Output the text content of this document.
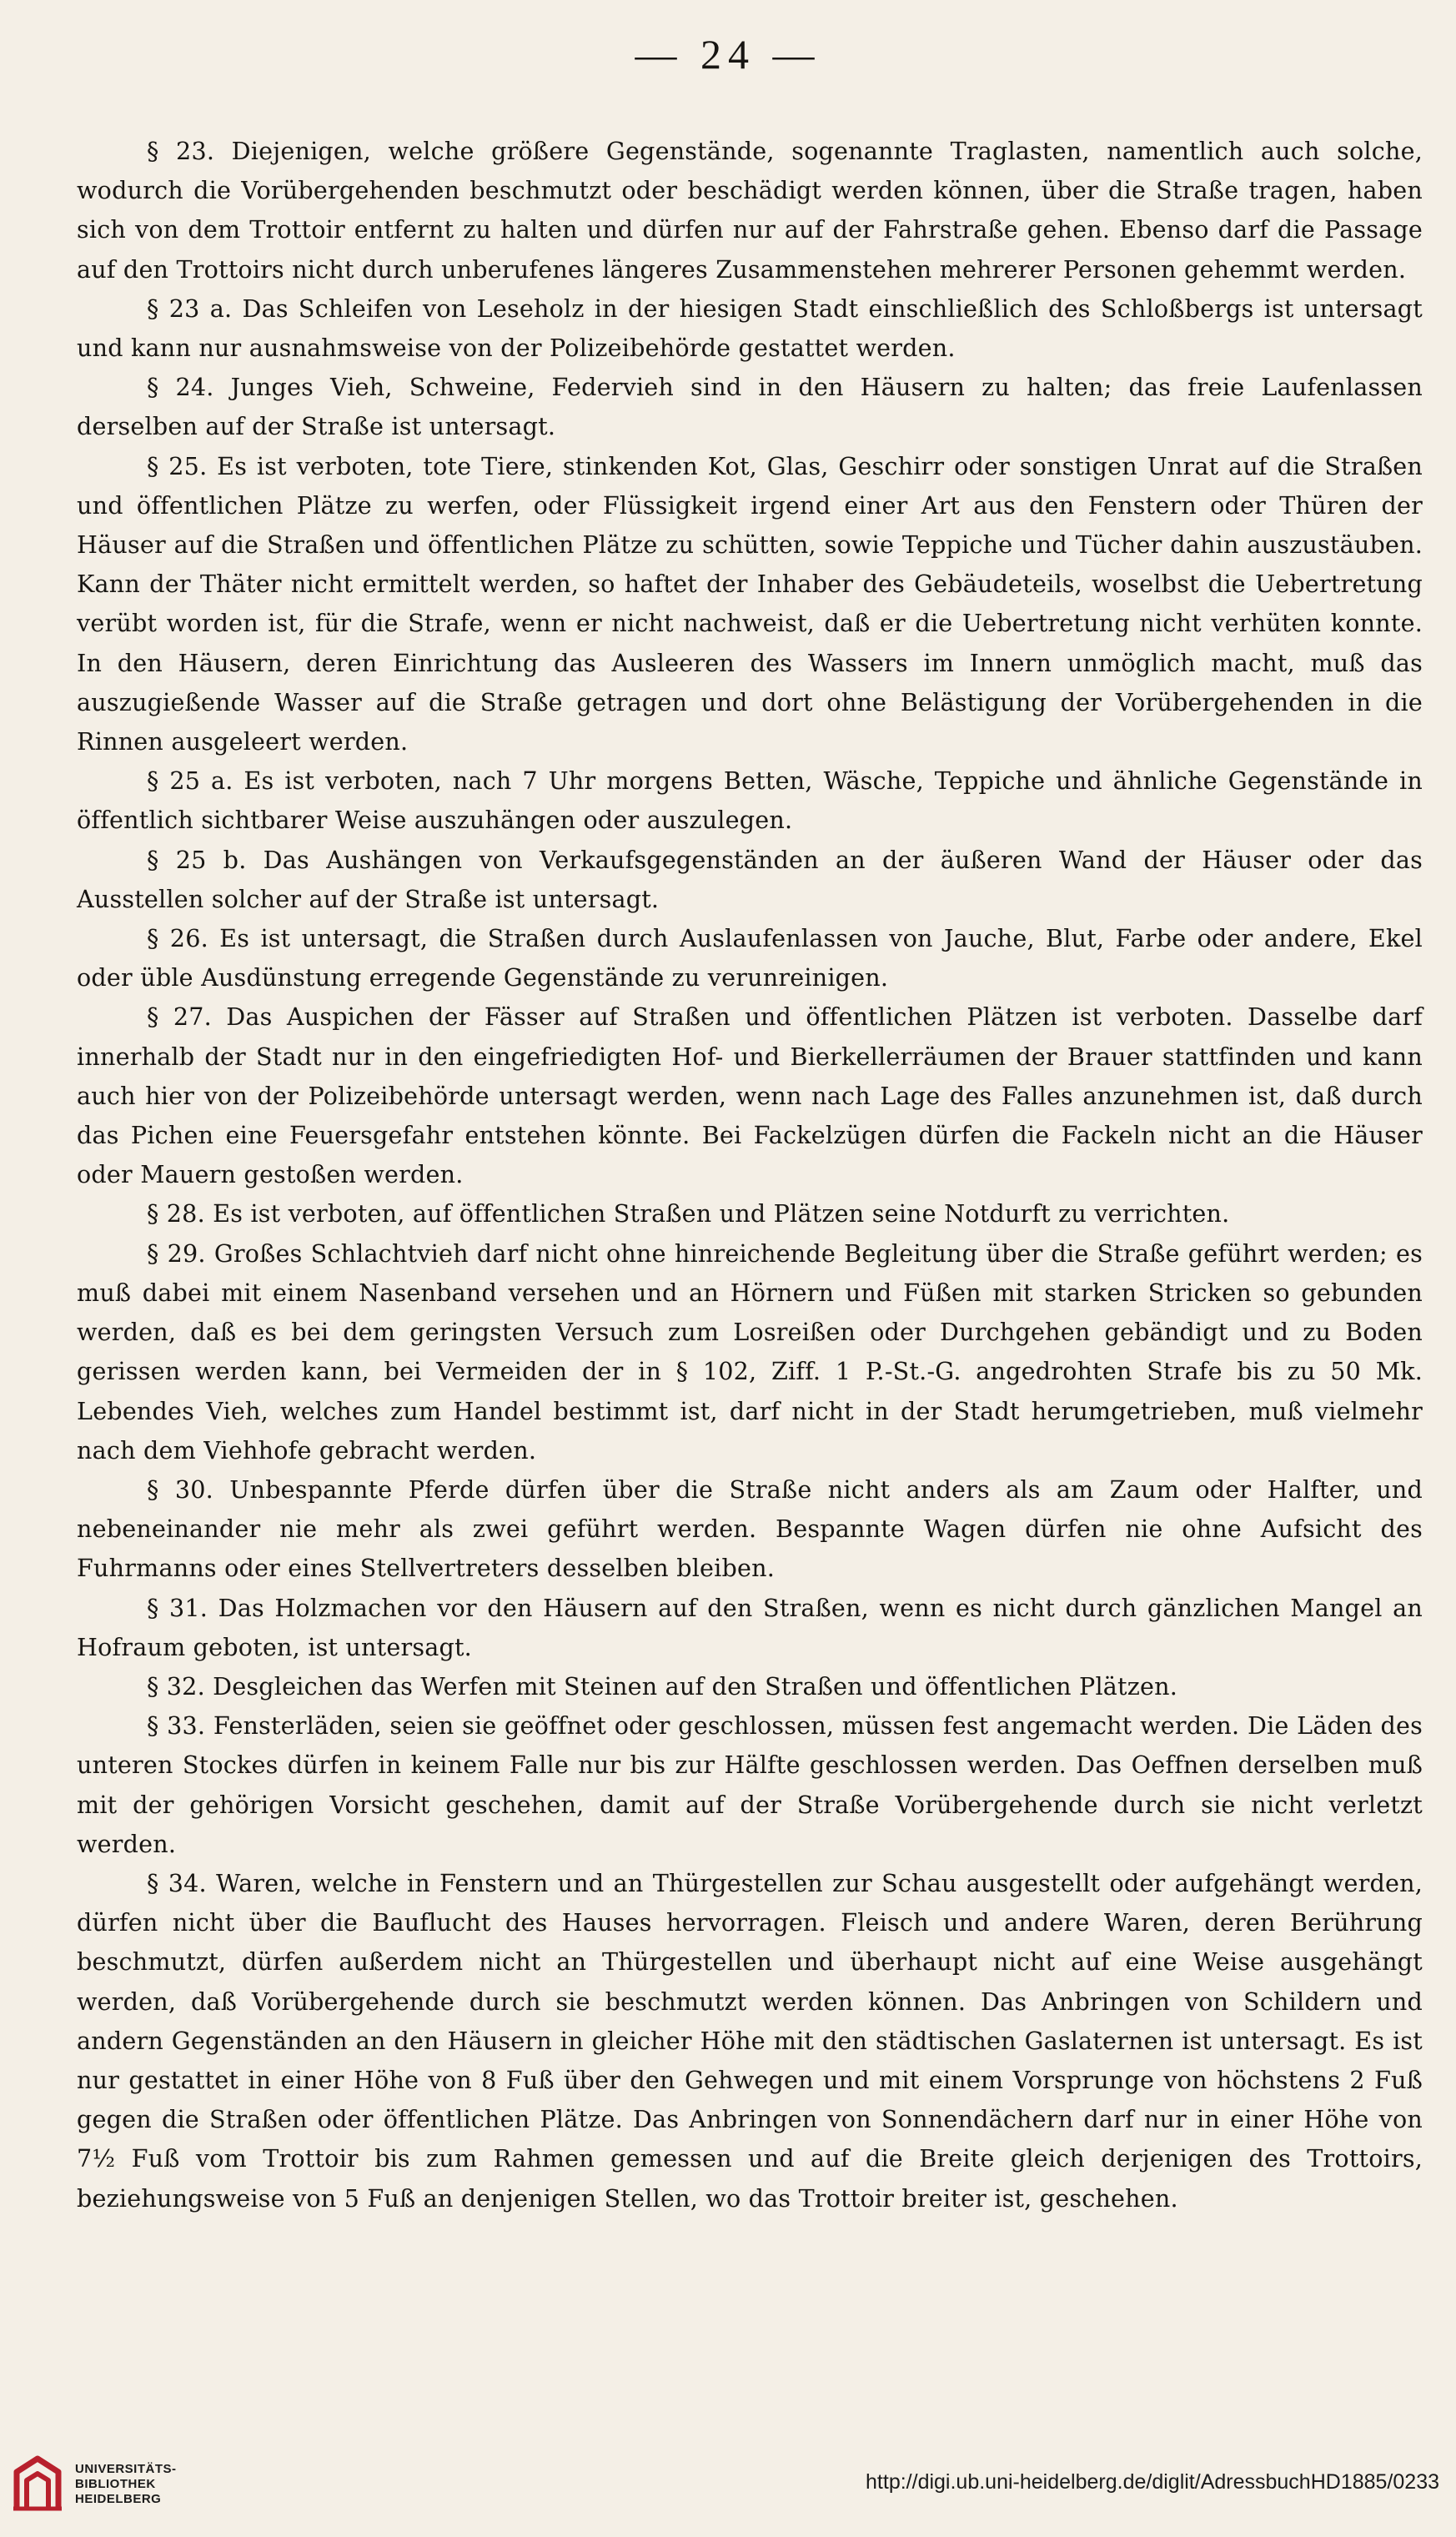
— 24 —

§ 23. Diejenigen, welche größere Gegenstände, sogenannte Traglasten, namentlich auch solche, wodurch die Vorübergehenden beschmutzt oder beschädigt werden können, über die Straße tragen, haben sich von dem Trottoir entfernt zu halten und dürfen nur auf der Fahrstraße gehen. Ebenso darf die Passage auf den Trottoirs nicht durch unberufenes längeres Zusammenstehen mehrerer Personen gehemmt werden.

§ 23 a. Das Schleifen von Leseholz in der hiesigen Stadt einschließlich des Schloßbergs ist untersagt und kann nur ausnahmsweise von der Polizeibehörde gestattet werden.

§ 24. Junges Vieh, Schweine, Federvieh sind in den Häusern zu halten; das freie Laufenlassen derselben auf der Straße ist untersagt.

§ 25. Es ist verboten, tote Tiere, stinkenden Kot, Glas, Geschirr oder sonstigen Unrat auf die Straßen und öffentlichen Plätze zu werfen, oder Flüssigkeit irgend einer Art aus den Fenstern oder Thüren der Häuser auf die Straßen und öffentlichen Plätze zu schütten, sowie Teppiche und Tücher dahin auszustäuben. Kann der Thäter nicht ermittelt werden, so haftet der Inhaber des Gebäudeteils, woselbst die Uebertretung verübt worden ist, für die Strafe, wenn er nicht nachweist, daß er die Uebertretung nicht verhüten konnte. In den Häusern, deren Einrichtung das Ausleeren des Wassers im Innern unmöglich macht, muß das auszugießende Wasser auf die Straße getragen und dort ohne Belästigung der Vorübergehenden in die Rinnen ausgeleert werden.

§ 25 a. Es ist verboten, nach 7 Uhr morgens Betten, Wäsche, Teppiche und ähnliche Gegenstände in öffentlich sichtbarer Weise auszuhängen oder auszulegen.

§ 25 b. Das Aushängen von Verkaufsgegenständen an der äußeren Wand der Häuser oder das Ausstellen solcher auf der Straße ist untersagt.

§ 26. Es ist untersagt, die Straßen durch Auslaufenlassen von Jauche, Blut, Farbe oder andere, Ekel oder üble Ausdünstung erregende Gegenstände zu verunreinigen.

§ 27. Das Auspichen der Fässer auf Straßen und öffentlichen Plätzen ist verboten. Dasselbe darf innerhalb der Stadt nur in den eingefriedigten Hof- und Bierkellerräumen der Brauer stattfinden und kann auch hier von der Polizeibehörde untersagt werden, wenn nach Lage des Falles anzunehmen ist, daß durch das Pichen eine Feuersgefahr entstehen könnte. Bei Fackelzügen dürfen die Fackeln nicht an die Häuser oder Mauern gestoßen werden.

§ 28. Es ist verboten, auf öffentlichen Straßen und Plätzen seine Notdurft zu verrichten.

§ 29. Großes Schlachtvieh darf nicht ohne hinreichende Begleitung über die Straße geführt werden; es muß dabei mit einem Nasenband versehen und an Hörnern und Füßen mit starken Stricken so gebunden werden, daß es bei dem geringsten Versuch zum Losreißen oder Durchgehen gebändigt und zu Boden gerissen werden kann, bei Vermeiden der in § 102, Ziff. 1 P.-St.-G. angedrohten Strafe bis zu 50 Mk. Lebendes Vieh, welches zum Handel bestimmt ist, darf nicht in der Stadt herumgetrieben, muß vielmehr nach dem Viehhofe gebracht werden.

§ 30. Unbespannte Pferde dürfen über die Straße nicht anders als am Zaum oder Halfter, und nebeneinander nie mehr als zwei geführt werden. Bespannte Wagen dürfen nie ohne Aufsicht des Fuhrmanns oder eines Stellvertreters desselben bleiben.

§ 31. Das Holzmachen vor den Häusern auf den Straßen, wenn es nicht durch gänzlichen Mangel an Hofraum geboten, ist untersagt.

§ 32. Desgleichen das Werfen mit Steinen auf den Straßen und öffentlichen Plätzen.

§ 33. Fensterläden, seien sie geöffnet oder geschlossen, müssen fest angemacht werden. Die Läden des unteren Stockes dürfen in keinem Falle nur bis zur Hälfte geschlossen werden. Das Oeffnen derselben muß mit der gehörigen Vorsicht geschehen, damit auf der Straße Vorübergehende durch sie nicht verletzt werden.

§ 34. Waren, welche in Fenstern und an Thürgestellen zur Schau ausgestellt oder aufgehängt werden, dürfen nicht über die Bauflucht des Hauses hervorragen. Fleisch und andere Waren, deren Berührung beschmutzt, dürfen außerdem nicht an Thürgestellen und überhaupt nicht auf eine Weise ausgehängt werden, daß Vorübergehende durch sie beschmutzt werden können. Das Anbringen von Schildern und andern Gegenständen an den Häusern in gleicher Höhe mit den städtischen Gaslaternen ist untersagt. Es ist nur gestattet in einer Höhe von 8 Fuß über den Gehwegen und mit einem Vorsprunge von höchstens 2 Fuß gegen die Straßen oder öffentlichen Plätze. Das Anbringen von Sonnendächern darf nur in einer Höhe von 7½ Fuß vom Trottoir bis zum Rahmen gemessen und auf die Breite gleich derjenigen des Trottoirs, beziehungsweise von 5 Fuß an denjenigen Stellen, wo das Trottoir breiter ist, geschehen.

UNIVERSITÄTS-
BIBLIOTHEK
HEIDELBERG
http://digi.ub.uni-heidelberg.de/diglit/AdressbuchHD1885/0233
